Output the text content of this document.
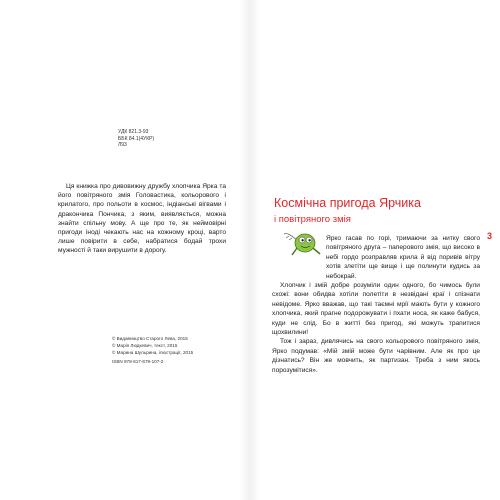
УДК 821.3-93
ББК 84.1(4УКР)
Л93

Ця книжка про дивовижну дружбу хлопчика Ярка та його повітряного змія Головастика, кольорового і крилатого, про польоти в космос, індіанські вігвами і дракончика Пончика, з яким, виявляється, можна знайти спільну мову. А ще про те, як неймовірні пригоди іноді чекають нас на кожному кроці, варто лише повірити в себе, набратися бодай трохи мужності й таки вирушити в дорогу.

© Видавництво Старого Лева, 2015
© Марія Людкевич, текст, 2015
© Марина Шульрина, ілюстрації, 2015
ISBN 978-617-679-107-2
Космічна пригода Ярчика
і повітряного змія
3

Ярко гасав по горі, тримаючи за нитку свого повітряного друга – паперового змія, що високо в небі гордо розправляв крила й від поривів вітру хотів злетіти ще вище і ще полинути кудись за небокрай.

Хлопчик і змій добре розуміли один одного, бо чимось були схожі: вони обидва хотіли полетіти в незвідані краї і спізнати невідоме. Ярко вважав, що такі таємні мрії мають бути у кожного хлопчика, який прагне подорожувати і пхати носа, як каже бабуся, куди не слід. Бо в житті без пригод, які можуть трапитися щохвилини!

Тож і зараз, дивлячись на свого кольорового повітряного змія, Ярко подумав: «Мій змій може бути чарівним. Але як про це дізнатись? Він же мовчить, як партизан. Треба з ним якось порозумітися».
